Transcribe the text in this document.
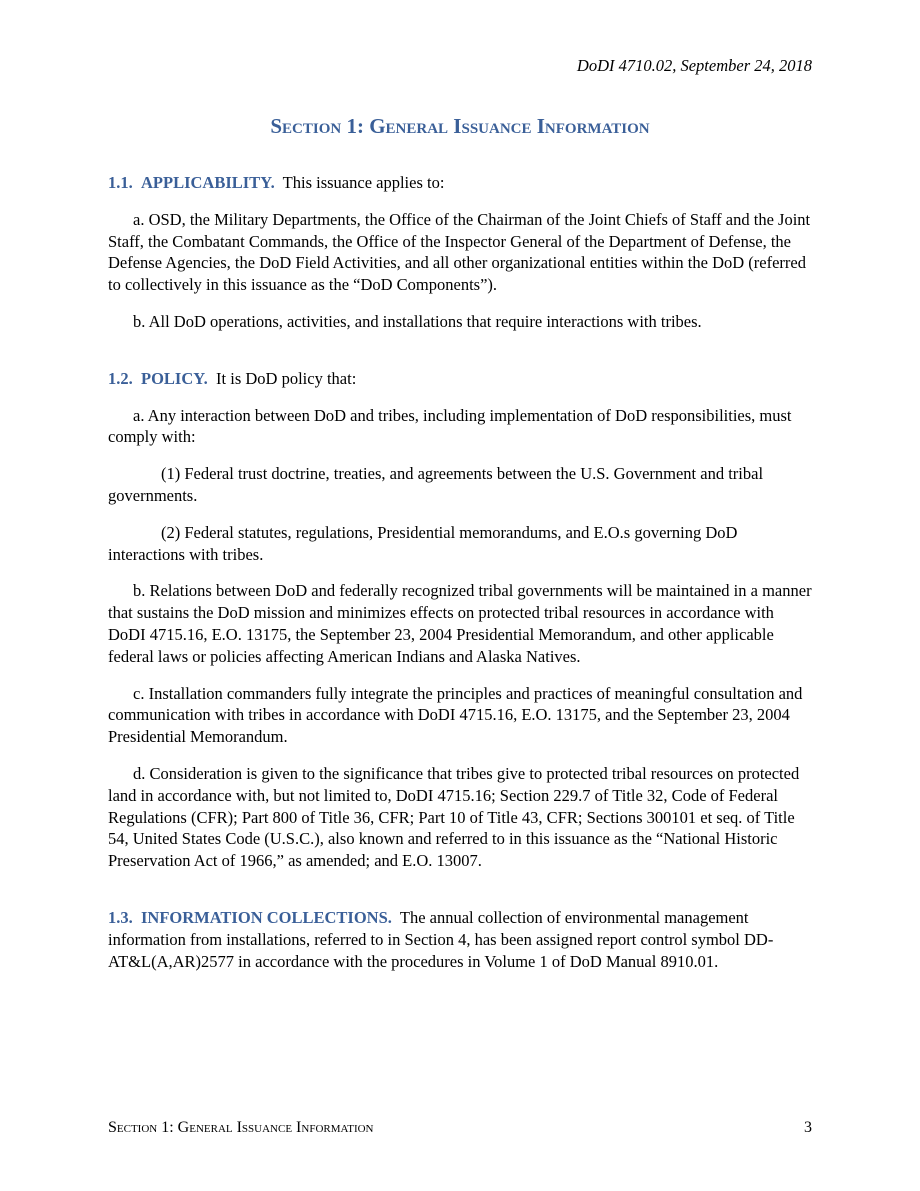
DoDI 4710.02, September 24, 2018
Section 1: General Issuance Information

1.1. APPLICABILITY. This issuance applies to:

a. OSD, the Military Departments, the Office of the Chairman of the Joint Chiefs of Staff and the Joint Staff, the Combatant Commands, the Office of the Inspector General of the Department of Defense, the Defense Agencies, the DoD Field Activities, and all other organizational entities within the DoD (referred to collectively in this issuance as the “DoD Components”).

b. All DoD operations, activities, and installations that require interactions with tribes.

1.2. POLICY. It is DoD policy that:

a. Any interaction between DoD and tribes, including implementation of DoD responsibilities, must comply with:

(1) Federal trust doctrine, treaties, and agreements between the U.S. Government and tribal governments.

(2) Federal statutes, regulations, Presidential memorandums, and E.O.s governing DoD interactions with tribes.

b. Relations between DoD and federally recognized tribal governments will be maintained in a manner that sustains the DoD mission and minimizes effects on protected tribal resources in accordance with DoDI 4715.16, E.O. 13175, the September 23, 2004 Presidential Memorandum, and other applicable federal laws or policies affecting American Indians and Alaska Natives.

c. Installation commanders fully integrate the principles and practices of meaningful consultation and communication with tribes in accordance with DoDI 4715.16, E.O. 13175, and the September 23, 2004 Presidential Memorandum.

d. Consideration is given to the significance that tribes give to protected tribal resources on protected land in accordance with, but not limited to, DoDI 4715.16; Section 229.7 of Title 32, Code of Federal Regulations (CFR); Part 800 of Title 36, CFR; Part 10 of Title 43, CFR; Sections 300101 et seq. of Title 54, United States Code (U.S.C.), also known and referred to in this issuance as the “National Historic Preservation Act of 1966,” as amended; and E.O. 13007.

1.3. INFORMATION COLLECTIONS. The annual collection of environmental management information from installations, referred to in Section 4, has been assigned report control symbol DD-AT&L(A,AR)2577 in accordance with the procedures in Volume 1 of DoD Manual 8910.01.

Section 1: General Issuance Information	3
